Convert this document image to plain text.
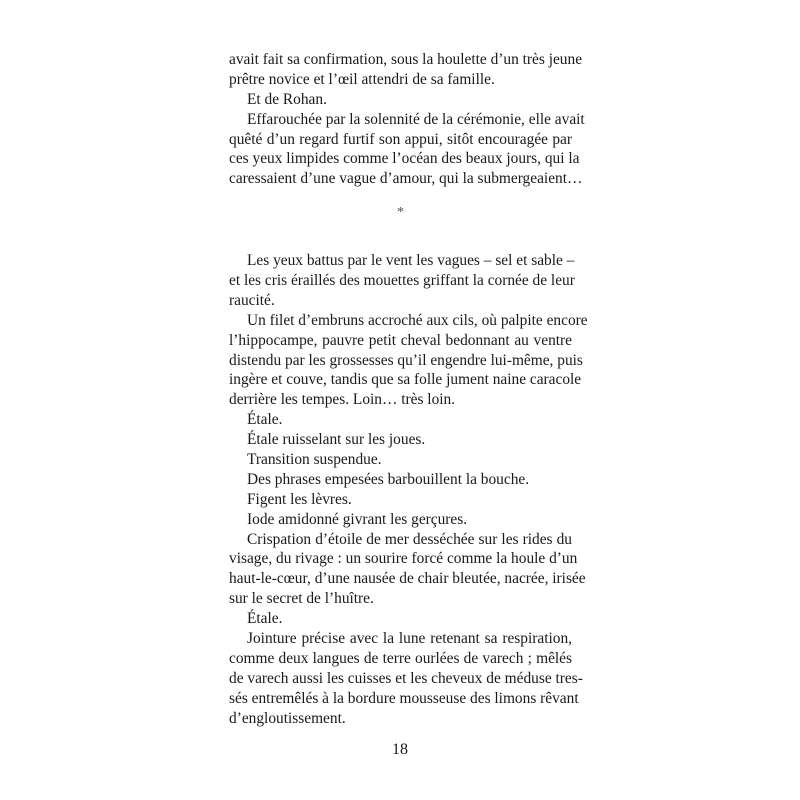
avait fait sa confirmation, sous la houlette d’un très jeune
prêtre novice et l’œil attendri de sa famille.
Et de Rohan.
Effarouchée par la solennité de la cérémonie, elle avait
quêté d’un regard furtif son appui, sitôt encouragée par
ces yeux limpides comme l’océan des beaux jours, qui la
caressaient d’une vague d’amour, qui la submergeaient…
*
Les yeux battus par le vent les vagues – sel et sable –
et les cris éraillés des mouettes griffant la cornée de leur
raucité.
Un filet d’embruns accroché aux cils, où palpite encore
l’hippocampe, pauvre petit cheval bedonnant au ventre
distendu par les grossesses qu’il engendre lui-même, puis
ingère et couve, tandis que sa folle jument naine caracole
derrière les tempes. Loin… très loin.
Étale.
Étale ruisselant sur les joues.
Transition suspendue.
Des phrases empesées barbouillent la bouche.
Figent les lèvres.
Iode amidonné givrant les gerçures.
Crispation d’étoile de mer desséchée sur les rides du
visage, du rivage : un sourire forcé comme la houle d’un
haut-le-cœur, d’une nausée de chair bleutée, nacrée, irisée
sur le secret de l’huître.
Étale.
Jointure précise avec la lune retenant sa respiration,
comme deux langues de terre ourlées de varech ; mêlés
de varech aussi les cuisses et les cheveux de méduse tres-
sés entremêlés à la bordure mousseuse des limons rêvant
d’engloutissement.
18
